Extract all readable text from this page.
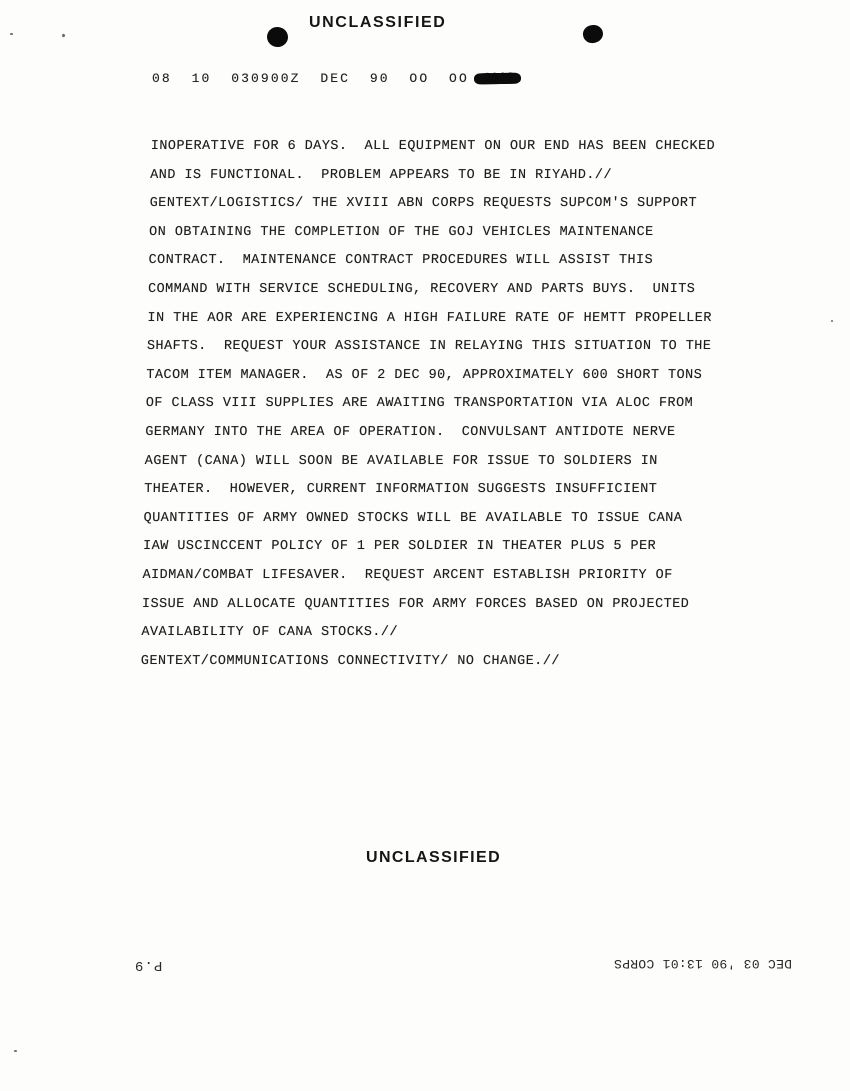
UNCLASSIFIED
08  10  030900Z  DEC  90  OO  OO 3966
INOPERATIVE FOR 6 DAYS.  ALL EQUIPMENT ON OUR END HAS BEEN CHECKED
AND IS FUNCTIONAL.  PROBLEM APPEARS TO BE IN RIYAHD.//
GENTEXT/LOGISTICS/ THE XVIII ABN CORPS REQUESTS SUPCOM'S SUPPORT
ON OBTAINING THE COMPLETION OF THE GOJ VEHICLES MAINTENANCE
CONTRACT.  MAINTENANCE CONTRACT PROCEDURES WILL ASSIST THIS
COMMAND WITH SERVICE SCHEDULING, RECOVERY AND PARTS BUYS.  UNITS
IN THE AOR ARE EXPERIENCING A HIGH FAILURE RATE OF HEMTT PROPELLER
SHAFTS.  REQUEST YOUR ASSISTANCE IN RELAYING THIS SITUATION TO THE
TACOM ITEM MANAGER.  AS OF 2 DEC 90, APPROXIMATELY 600 SHORT TONS
OF CLASS VIII SUPPLIES ARE AWAITING TRANSPORTATION VIA ALOC FROM
GERMANY INTO THE AREA OF OPERATION.  CONVULSANT ANTIDOTE NERVE
AGENT (CANA) WILL SOON BE AVAILABLE FOR ISSUE TO SOLDIERS IN
THEATER.  HOWEVER, CURRENT INFORMATION SUGGESTS INSUFFICIENT
QUANTITIES OF ARMY OWNED STOCKS WILL BE AVAILABLE TO ISSUE CANA
IAW USCINCCENT POLICY OF 1 PER SOLDIER IN THEATER PLUS 5 PER
AIDMAN/COMBAT LIFESAVER.  REQUEST ARCENT ESTABLISH PRIORITY OF
ISSUE AND ALLOCATE QUANTITIES FOR ARMY FORCES BASED ON PROJECTED
AVAILABILITY OF CANA STOCKS.//
GENTEXT/COMMUNICATIONS CONNECTIVITY/ NO CHANGE.//
UNCLASSIFIED
P.9	DEC 03 '90 13:01 CORPS
